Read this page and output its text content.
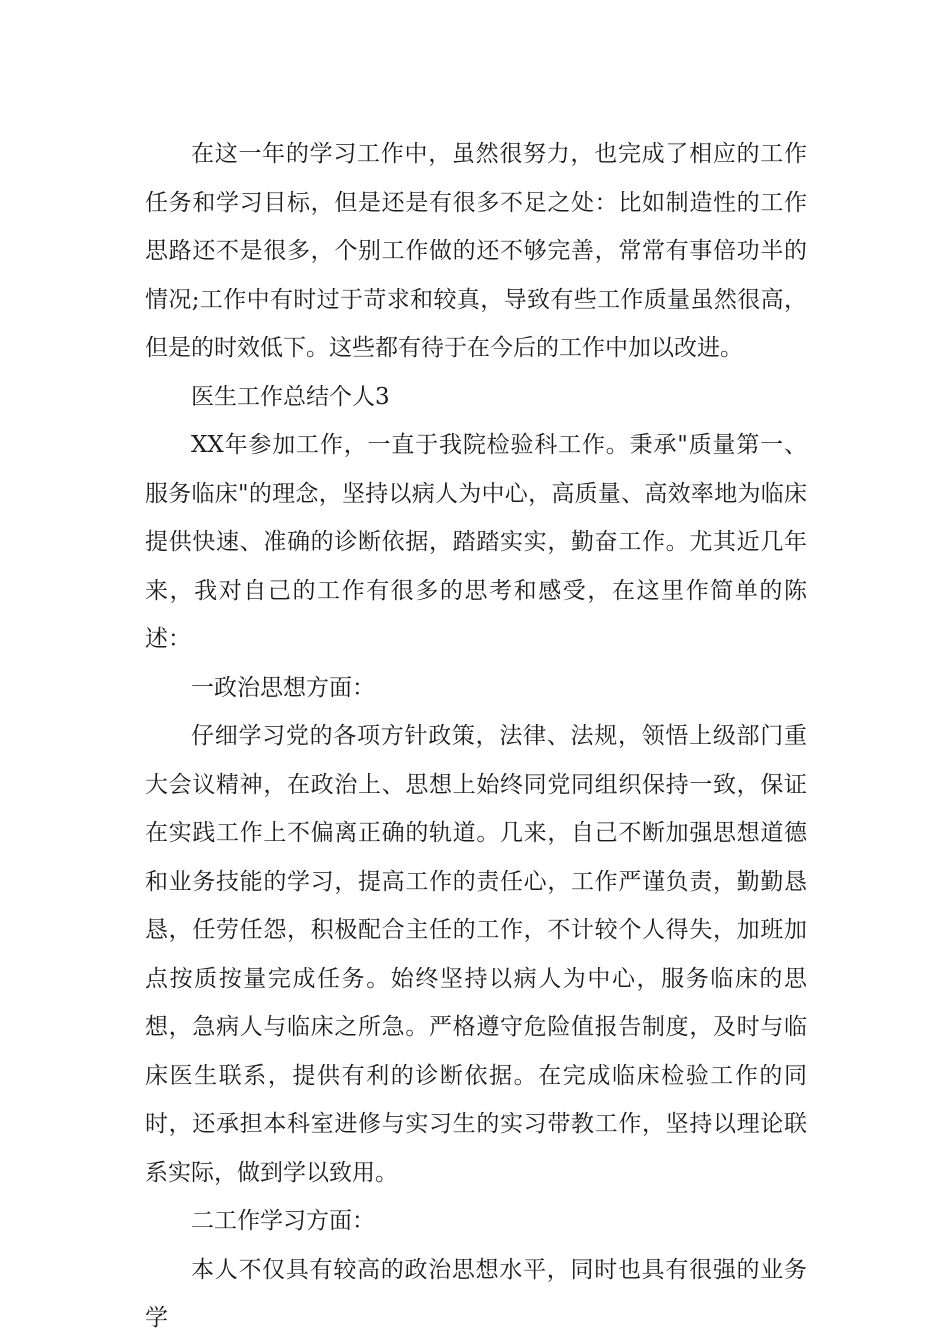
在这一年的学习工作中，虽然很努力，也完成了相应的工作任务和学习目标，但是还是有很多不足之处：比如制造性的工作思路还不是很多，个别工作做的还不够完善，常常有事倍功半的情况;工作中有时过于苛求和较真，导致有些工作质量虽然很高，但是的时效低下。这些都有待于在今后的工作中加以改进。

医生工作总结个人3

XX年参加工作，一直于我院检验科工作。秉承"质量第一、服务临床"的理念，坚持以病人为中心，高质量、高效率地为临床提供快速、准确的诊断依据，踏踏实实，勤奋工作。尤其近几年来，我对自己的工作有很多的思考和感受，在这里作简单的陈述：

一政治思想方面：

仔细学习党的各项方针政策，法律、法规，领悟上级部门重大会议精神，在政治上、思想上始终同党同组织保持一致，保证在实践工作上不偏离正确的轨道。几来，自己不断加强思想道德和业务技能的学习，提高工作的责任心，工作严谨负责，勤勤恳恳，任劳任怨，积极配合主任的工作，不计较个人得失，加班加点按质按量完成任务。始终坚持以病人为中心，服务临床的思想，急病人与临床之所急。严格遵守危险值报告制度，及时与临床医生联系，提供有利的诊断依据。在完成临床检验工作的同时，还承担本科室进修与实习生的实习带教工作，坚持以理论联系实际，做到学以致用。

二工作学习方面：

本人不仅具有较高的政治思想水平，同时也具有很强的业务学
